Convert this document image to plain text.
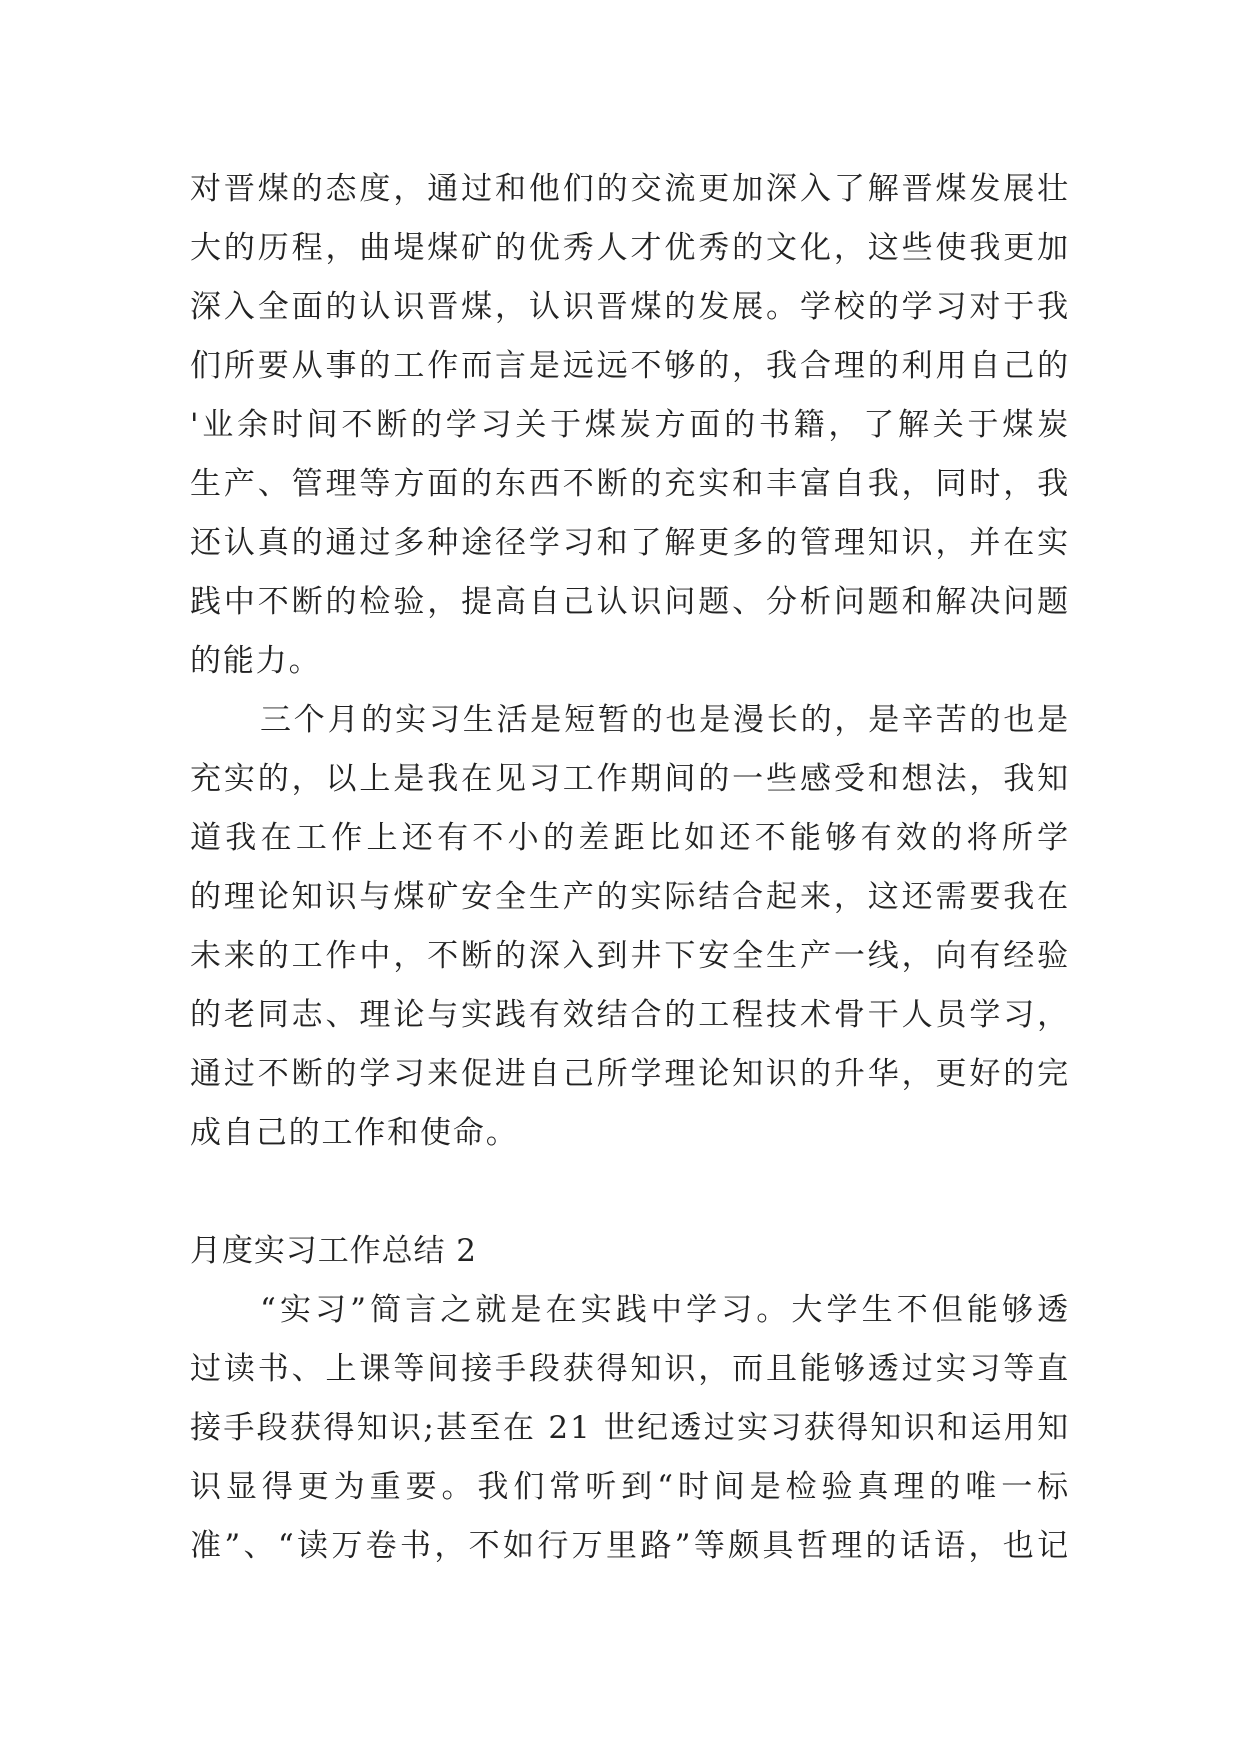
对晋煤的态度，通过和他们的交流更加深入了解晋煤发展壮
大的历程，曲堤煤矿的优秀人才优秀的文化，这些使我更加
深入全面的认识晋煤，认识晋煤的发展。学校的学习对于我
们所要从事的工作而言是远远不够的，我合理的利用自己的
'业余时间不断的学习关于煤炭方面的书籍，了解关于煤炭
生产、管理等方面的东西不断的充实和丰富自我，同时，我
还认真的通过多种途径学习和了解更多的管理知识，并在实
践中不断的检验，提高自己认识问题、分析问题和解决问题
的能力。
三个月的实习生活是短暂的也是漫长的，是辛苦的也是
充实的，以上是我在见习工作期间的一些感受和想法，我知
道我在工作上还有不小的差距比如还不能够有效的将所学
的理论知识与煤矿安全生产的实际结合起来，这还需要我在
未来的工作中，不断的深入到井下安全生产一线，向有经验
的老同志、理论与实践有效结合的工程技术骨干人员学习，
通过不断的学习来促进自己所学理论知识的升华，更好的完
成自己的工作和使命。
月度实习工作总结 2
“实习”简言之就是在实践中学习。大学生不但能够透
过读书、上课等间接手段获得知识，而且能够透过实习等直
接手段获得知识;甚至在 21 世纪透过实习获得知识和运用知
识显得更为重要。我们常听到“时间是检验真理的唯一标
准”、“读万卷书，不如行万里路”等颇具哲理的话语，也记
